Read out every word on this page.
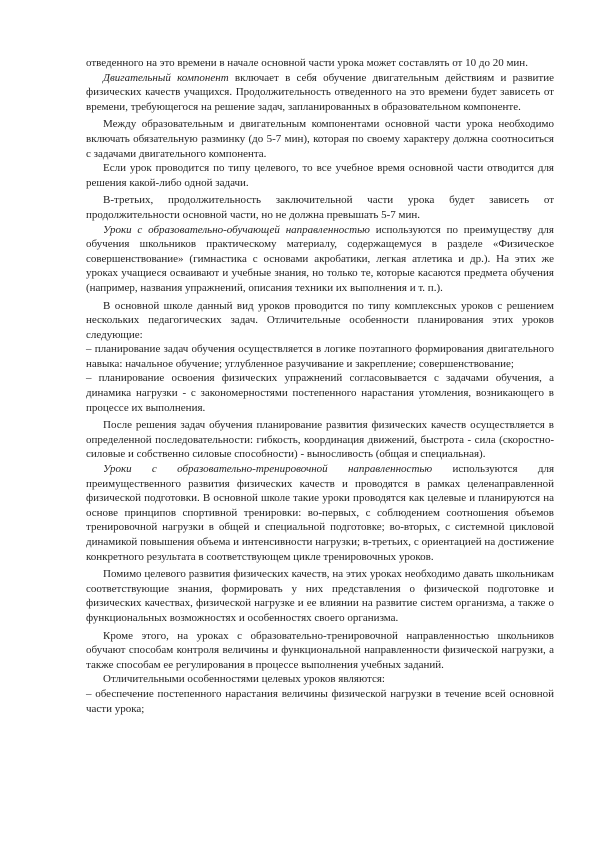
отведенного на это времени в начале основной части урока может составлять от 10 до 20 мин.

Двигательный компонент включает в себя обучение двигательным действиям и развитие физических качеств учащихся. Продолжительность отведенного на это времени будет зависеть от времени, требующегося на решение задач, запланированных в образовательном компоненте.

Между образовательным и двигательным компонентами основной части урока необходимо включать обязательную разминку (до 5-7 мин), которая по своему характеру должна соотноситься с задачами двигательного компонента.

Если урок проводится по типу целевого, то все учебное время основной части отводится для решения какой-либо одной задачи.

В-третьих, продолжительность заключительной части урока будет зависеть от продолжительности основной части, но не должна превышать 5-7 мин.

Уроки с образовательно-обучающей направленностью используются по преимуществу для обучения школьников практическому материалу, содержащемуся в разделе «Физическое совершенствование» (гимнастика с основами акробатики, легкая атлетика и др.). На этих же уроках учащиеся осваивают и учебные знания, но только те, которые касаются предмета обучения (например, названия упражнений, описания техники их выполнения и т. п.).

В основной школе данный вид уроков проводится по типу комплексных уроков с решением нескольких педагогических задач. Отличительные особенности планирования этих уроков следующие:

– планирование задач обучения осуществляется в логике поэтапного формирования двигательного навыка: начальное обучение; углубленное разучивание и закрепление; совершенствование;

– планирование освоения физических упражнений согласовывается с задачами обучения, а динамика нагрузки - с закономерностями постепенного нарастания утомления, возникающего в процессе их выполнения.

После решения задач обучения планирование развития физических качеств осуществляется в определенной последовательности: гибкость, координация движений, быстрота - сила (скоростно-силовые и собственно силовые способности) - выносливость (общая и специальная).

Уроки с образовательно-тренировочной направленностью используются для преимущественного развития физических качеств и проводятся в рамках целенаправленной физической подготовки. В основной школе такие уроки проводятся как целевые и планируются на основе принципов спортивной тренировки: во-первых, с соблюдением соотношения объемов тренировочной нагрузки в общей и специальной подготовке; во-вторых, с системной цикловой динамикой повышения объема и интенсивности нагрузки; в-третьих, с ориентацией на достижение конкретного результата в соответствующем цикле тренировочных уроков.

Помимо целевого развития физических качеств, на этих уроках необходимо давать школьникам соответствующие знания, формировать у них представления о физической подготовке и физических качествах, физической нагрузке и ее влиянии на развитие систем организма, а также о функциональных возможностях и особенностях своего организма.

Кроме этого, на уроках с образовательно-тренировочной направленностью школьников обучают способам контроля величины и функциональной направленности физической нагрузки, а также способам ее регулирования в процессе выполнения учебных заданий.

Отличительными особенностями целевых уроков являются:

– обеспечение постепенного нарастания величины физической нагрузки в течение всей основной части урока;
